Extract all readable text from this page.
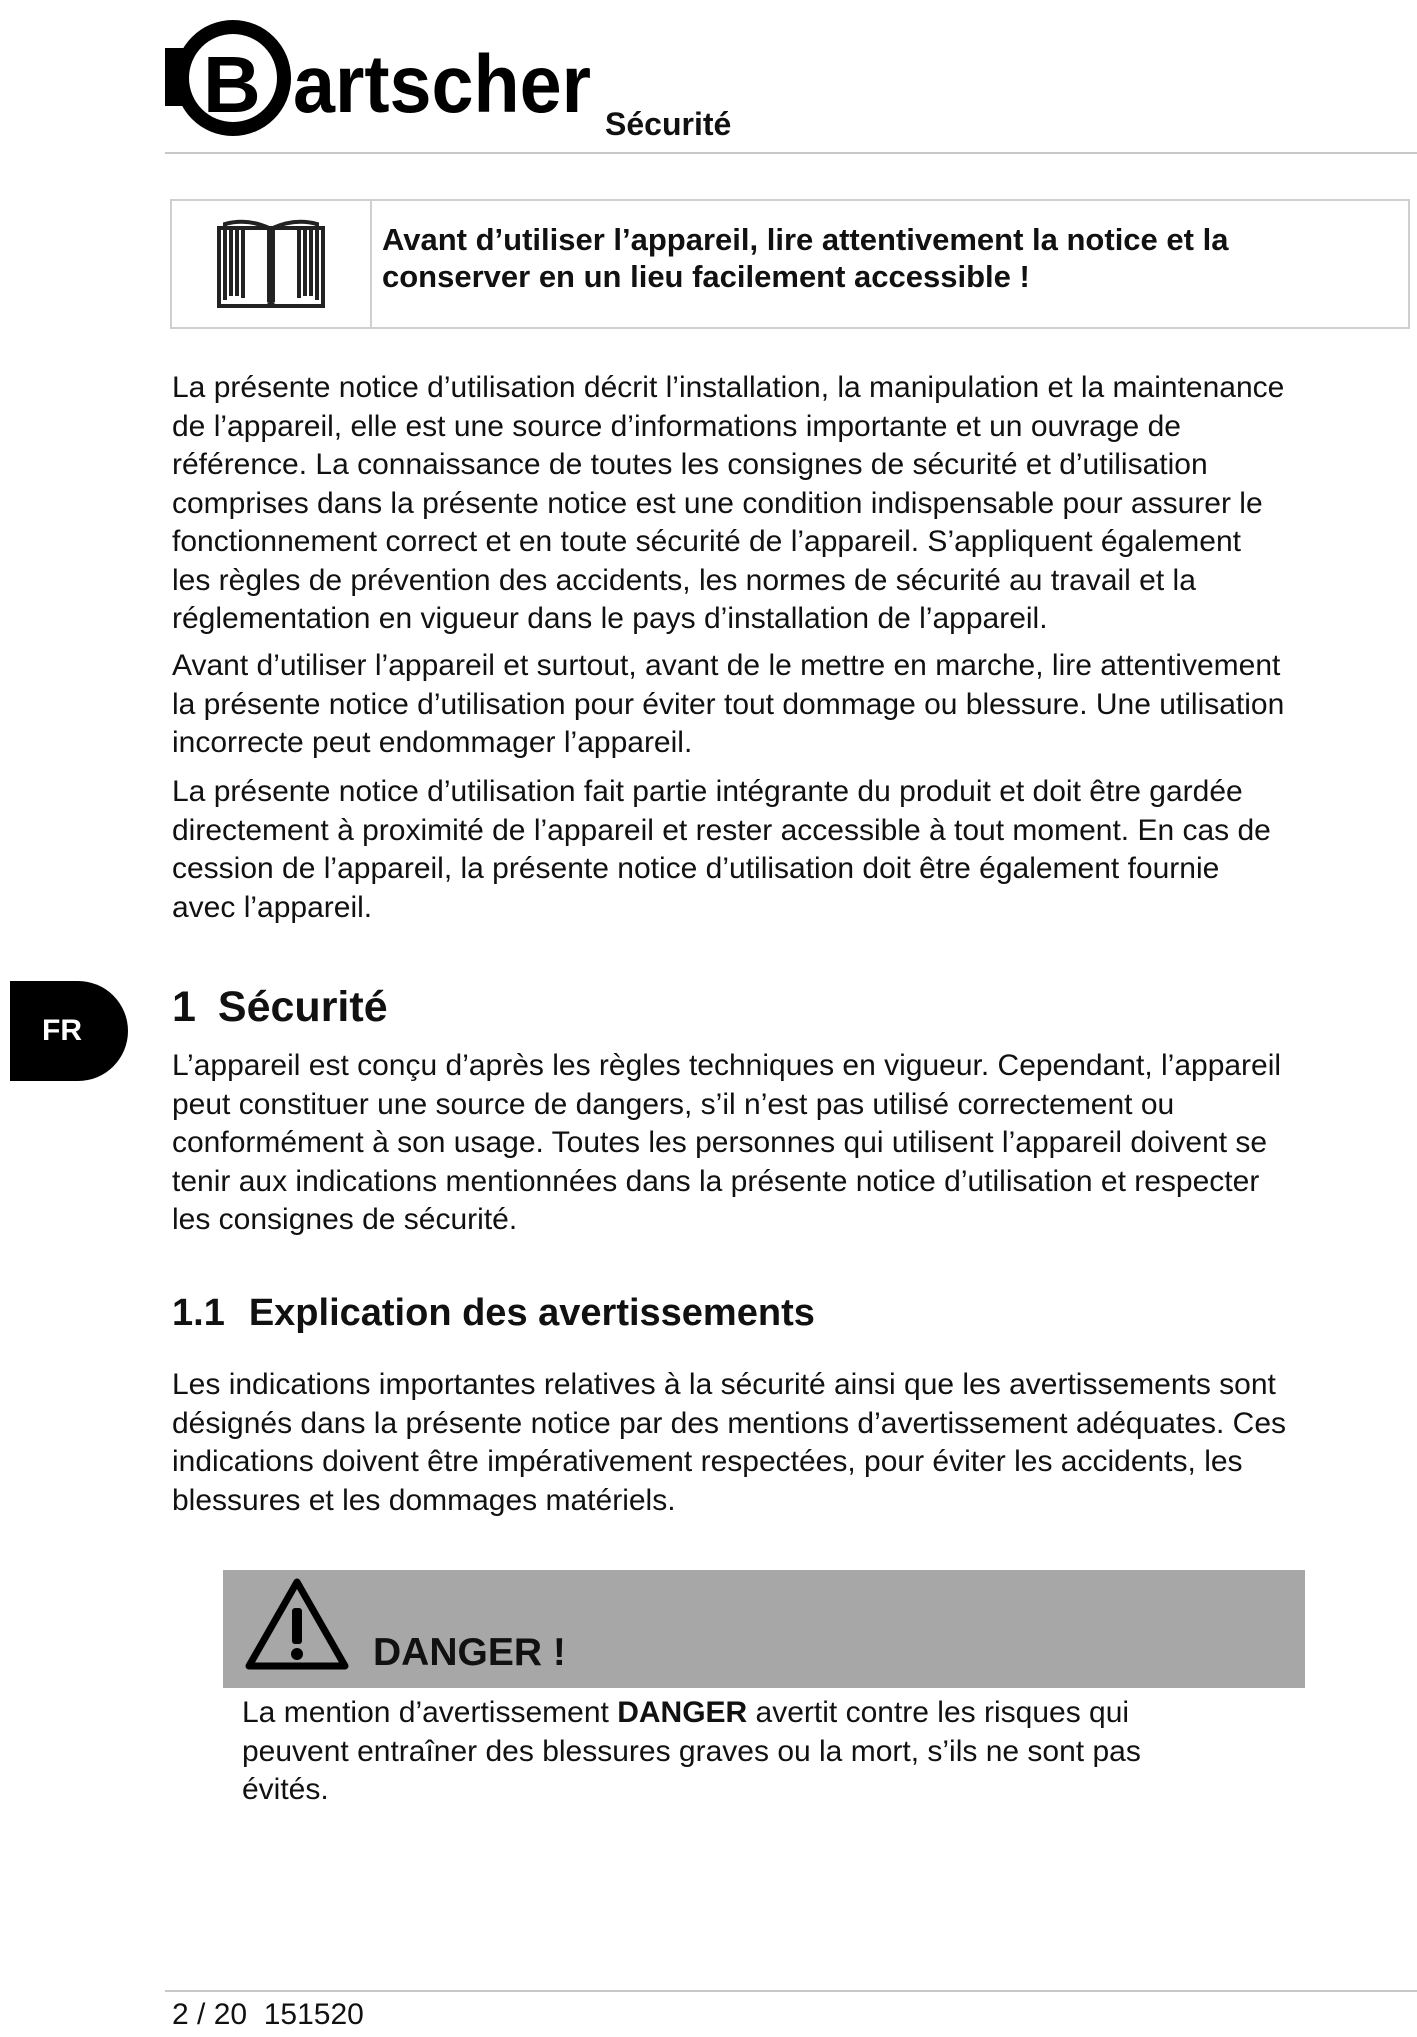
B artscher Sécurité
Avant d’utiliser l’appareil, lire attentivement la notice et la
conserver en un lieu facilement accessible !
La présente notice d’utilisation décrit l’installation, la manipulation et la maintenance
de l’appareil, elle est une source d’informations importante et un ouvrage de
référence. La connaissance de toutes les consignes de sécurité et d’utilisation
comprises dans la présente notice est une condition indispensable pour assurer le
fonctionnement correct et en toute sécurité de l’appareil. S’appliquent également
les règles de prévention des accidents, les normes de sécurité au travail et la
réglementation en vigueur dans le pays d’installation de l’appareil.
Avant d’utiliser l’appareil et surtout, avant de le mettre en marche, lire attentivement
la présente notice d’utilisation pour éviter tout dommage ou blessure. Une utilisation
incorrecte peut endommager l’appareil.
La présente notice d’utilisation fait partie intégrante du produit et doit être gardée
directement à proximité de l’appareil et rester accessible à tout moment. En cas de
cession de l’appareil, la présente notice d’utilisation doit être également fournie
avec l’appareil.
FR	1 Sécurité
L’appareil est conçu d’après les règles techniques en vigueur. Cependant, l’appareil
peut constituer une source de dangers, s’il n’est pas utilisé correctement ou
conformément à son usage. Toutes les personnes qui utilisent l’appareil doivent se
tenir aux indications mentionnées dans la présente notice d’utilisation et respecter
les consignes de sécurité.
1.1 Explication des avertissements
Les indications importantes relatives à la sécurité ainsi que les avertissements sont
désignés dans la présente notice par des mentions d’avertissement adéquates. Ces
indications doivent être impérativement respectées, pour éviter les accidents, les
blessures et les dommages matériels.
DANGER !
La mention d’avertissement DANGER avertit contre les risques qui
peuvent entraîner des blessures graves ou la mort, s’ils ne sont pas
évités.
2 / 20 151520
